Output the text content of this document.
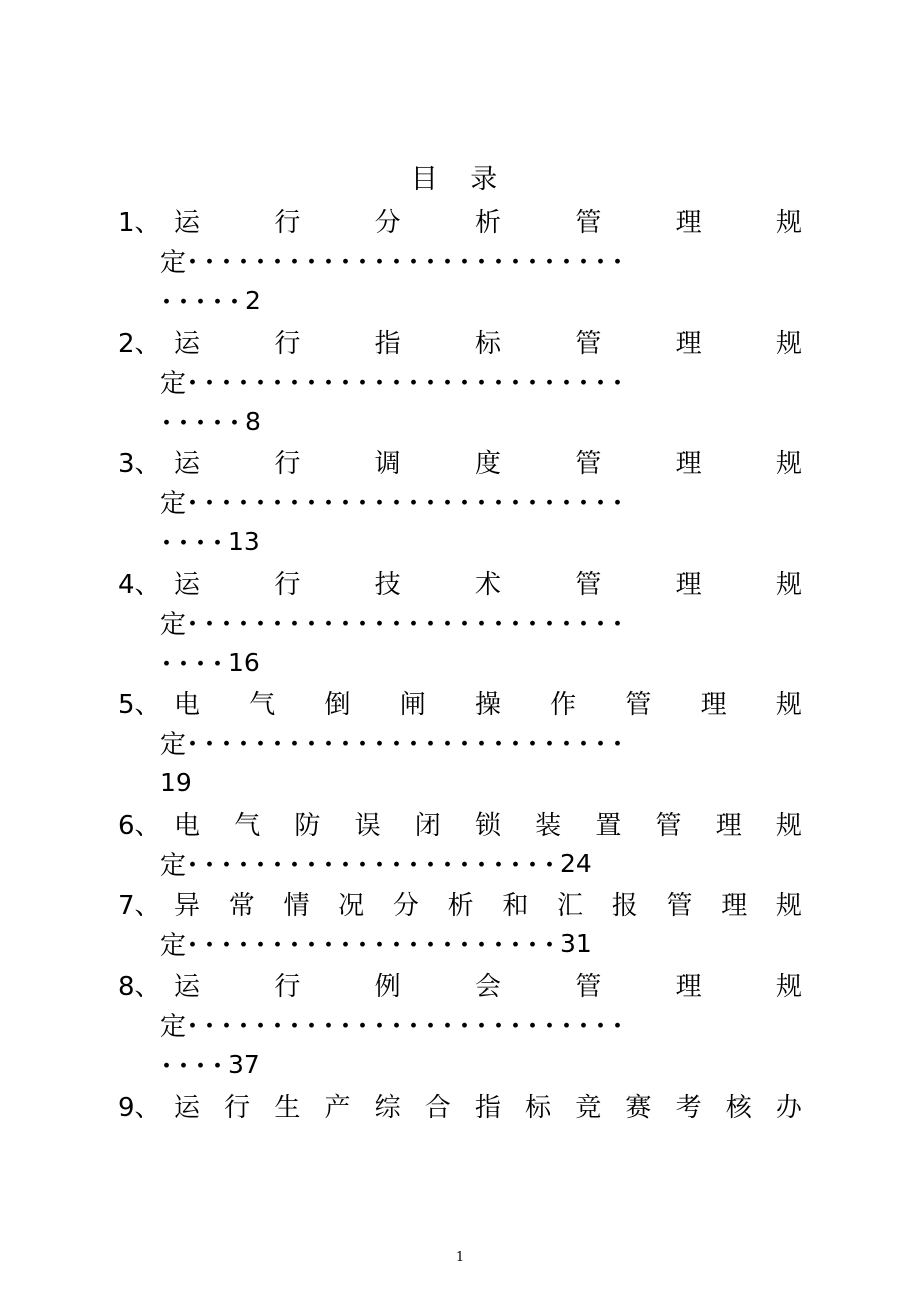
目 录
1、 运	行	分	析	管	理	规
定 ･･････････････････････････
･････ 2
2、 运	行	指	标	管	理	规
定 ･･････････････････････････
･････ 8
3、 运	行	调	度	管	理	规
定 ･･････････････････････････
････ 13
4、 运	行	技	术	管	理	规
定 ･･････････････････････････
････ 16
5、 电 气 倒 闸 操 作 管 理 规
定 ･･････････････････････････
19
6、 电 气 防 误 闭 锁 装 置 管 理 规
定 ･･････････････････････ 24
7、 异 常 情 况 分 析 和 汇 报 管 理 规
定 ･･････････････････････ 31
8、 运	行	例	会	管	理	规
定 ･･････････････････････････
････ 37
9、 运 行 生 产 综 合 指 标 竞 赛 考 核 办
1
